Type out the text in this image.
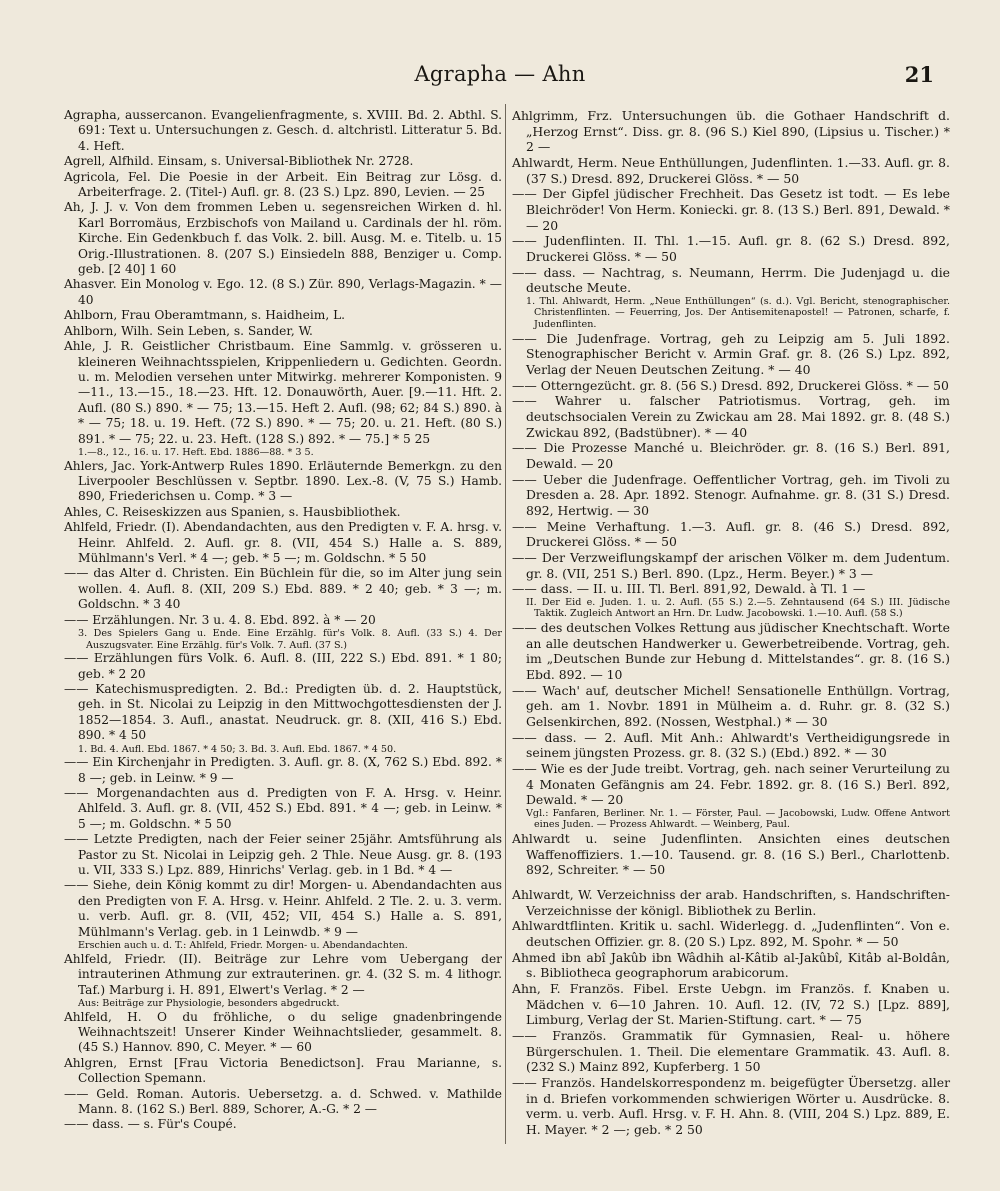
Agrapha — Ahn	21

Agrapha, aussercanon. Evangelienfragmente, s. XVIII. Bd. 2. Abthl. S. 691: Text u. Untersuchungen z. Gesch. d. altchristl. Litteratur 5. Bd. 4. Heft.

Agrell, Alfhild. Einsam, s. Universal-Bibliothek Nr. 2728.

Agricola, Fel. Die Poesie in der Arbeit. Ein Beitrag zur Lösg. d. Arbeiterfrage. 2. (Titel-) Aufl. gr. 8. (23 S.) Lpz. 890, Levien. — 25

Ah, J. J. v. Von dem frommen Leben u. segensreichen Wirken d. hl. Karl Borromäus, Erzbischofs von Mailand u. Cardinals der hl. röm. Kirche. Ein Gedenkbuch f. das Volk. 2. bill. Ausg. M. e. Titelb. u. 15 Orig.-Illustrationen. 8. (207 S.) Einsiedeln 888, Benziger u. Comp. geb. [2 40] 1 60

Ahasver. Ein Monolog v. Ego. 12. (8 S.) Zür. 890, Verlags-Magazin. * — 40

Ahlborn, Frau Oberamtmann, s. Haidheim, L.

Ahlborn, Wilh. Sein Leben, s. Sander, W.

Ahle, J. R. Geistlicher Christbaum. Eine Sammlg. v. grösseren u. kleineren Weihnachtsspielen, Krippenliedern u. Gedichten. Geordn. u. m. Melodien versehen unter Mitwirkg. mehrerer Komponisten. 9—11., 13.—15., 18.—23. Hft. 12. Donauwörth, Auer. [9.—11. Hft. 2. Aufl. (80 S.) 890. * — 75; 13.—15. Heft 2. Aufl. (98; 62; 84 S.) 890. à * — 75; 18. u. 19. Heft. (72 S.) 890. * — 75; 20. u. 21. Heft. (80 S.) 891. * — 75; 22. u. 23. Heft. (128 S.) 892. * — 75.] * 5 25

1.—8., 12., 16. u. 17. Heft. Ebd. 1886—88. * 3 5.

Ahlers, Jac. York-Antwerp Rules 1890. Erläuternde Bemerkgn. zu den Liverpooler Beschlüssen v. Septbr. 1890. Lex.-8. (V, 75 S.) Hamb. 890, Friederichsen u. Comp. * 3 —

Ahles, C. Reiseskizzen aus Spanien, s. Hausbibliothek.

Ahlfeld, Friedr. (I). Abendandachten, aus den Predigten v. F. A. hrsg. v. Heinr. Ahlfeld. 2. Aufl. gr. 8. (VII, 454 S.) Halle a. S. 889, Mühlmann's Verl. * 4 —; geb. * 5 —; m. Goldschn. * 5 50

—— das Alter d. Christen. Ein Büchlein für die, so im Alter jung sein wollen. 4. Aufl. 8. (XII, 209 S.) Ebd. 889. * 2 40; geb. * 3 —; m. Goldschn. * 3 40

—— Erzählungen. Nr. 3 u. 4. 8. Ebd. 892. à * — 20

3. Des Spielers Gang u. Ende. Eine Erzählg. für's Volk. 8. Aufl. (33 S.) 4. Der Auszugsvater. Eine Erzählg. für's Volk. 7. Aufl. (37 S.)

—— Erzählungen fürs Volk. 6. Aufl. 8. (III, 222 S.) Ebd. 891. * 1 80; geb. * 2 20

—— Katechismuspredigten. 2. Bd.: Predigten üb. d. 2. Hauptstück, geh. in St. Nicolai zu Leipzig in den Mittwochgottesdiensten der J. 1852—1854. 3. Aufl., anastat. Neudruck. gr. 8. (XII, 416 S.) Ebd. 890. * 4 50

1. Bd. 4. Aufl. Ebd. 1867. * 4 50; 3. Bd. 3. Aufl. Ebd. 1867. * 4 50.

—— Ein Kirchenjahr in Predigten. 3. Aufl. gr. 8. (X, 762 S.) Ebd. 892. * 8 —; geb. in Leinw. * 9 —

—— Morgenandachten aus d. Predigten von F. A. Hrsg. v. Heinr. Ahlfeld. 3. Aufl. gr. 8. (VII, 452 S.) Ebd. 891. * 4 —; geb. in Leinw. * 5 —; m. Goldschn. * 5 50

—— Letzte Predigten, nach der Feier seiner 25jähr. Amtsführung als Pastor zu St. Nicolai in Leipzig geh. 2 Thle. Neue Ausg. gr. 8. (193 u. VII, 333 S.) Lpz. 889, Hinrichs' Verlag. geb. in 1 Bd. * 4 —

—— Siehe, dein König kommt zu dir! Morgen- u. Abendandachten aus den Predigten von F. A. Hrsg. v. Heinr. Ahlfeld. 2 Tle. 2. u. 3. verm. u. verb. Aufl. gr. 8. (VII, 452; VII, 454 S.) Halle a. S. 891, Mühlmann's Verlag. geb. in 1 Leinwdb. * 9 —

Erschien auch u. d. T.: Ahlfeld, Friedr. Morgen- u. Abendandachten.

Ahlfeld, Friedr. (II). Beiträge zur Lehre vom Uebergang der intrauterinen Athmung zur extrauterinen. gr. 4. (32 S. m. 4 lithogr. Taf.) Marburg i. H. 891, Elwert's Verlag. * 2 —

Aus: Beiträge zur Physiologie, besonders abgedruckt.

Ahlfeld, H. O du fröhliche, o du selige gnadenbringende Weihnachtszeit! Unserer Kinder Weihnachtslieder, gesammelt. 8. (45 S.) Hannov. 890, C. Meyer. * — 60

Ahlgren, Ernst [Frau Victoria Benedictson]. Frau Marianne, s. Collection Spemann.

—— Geld. Roman. Autoris. Uebersetzg. a. d. Schwed. v. Mathilde Mann. 8. (162 S.) Berl. 889, Schorer, A.-G. * 2 —

—— dass. — s. Für's Coupé.

Ahlgrimm, Frz. Untersuchungen üb. die Gothaer Handschrift d. „Herzog Ernst“. Diss. gr. 8. (96 S.) Kiel 890, (Lipsius u. Tischer.) * 2 —

Ahlwardt, Herm. Neue Enthüllungen, Judenflinten. 1.—33. Aufl. gr. 8. (37 S.) Dresd. 892, Druckerei Glöss. * — 50

—— Der Gipfel jüdischer Frechheit. Das Gesetz ist todt. — Es lebe Bleichröder! Von Herm. Koniecki. gr. 8. (13 S.) Berl. 891, Dewald. * — 20

—— Judenflinten. II. Thl. 1.—15. Aufl. gr. 8. (62 S.) Dresd. 892, Druckerei Glöss. * — 50

—— dass. — Nachtrag, s. Neumann, Herrm. Die Judenjagd u. die deutsche Meute.

1. Thl. Ahlwardt, Herm. „Neue Enthüllungen“ (s. d.). Vgl. Bericht, stenographischer. Christenflinten. — Feuerring, Jos. Der Antisemitenapostel! — Patronen, scharfe, f. Judenflinten.

—— Die Judenfrage. Vortrag, geh zu Leipzig am 5. Juli 1892. Stenographischer Bericht v. Armin Graf. gr. 8. (26 S.) Lpz. 892, Verlag der Neuen Deutschen Zeitung. * — 40

—— Otterngezücht. gr. 8. (56 S.) Dresd. 892, Druckerei Glöss. * — 50

—— Wahrer u. falscher Patriotismus. Vortrag, geh. im deutschsocialen Verein zu Zwickau am 28. Mai 1892. gr. 8. (48 S.) Zwickau 892, (Badstübner). * — 40

—— Die Prozesse Manché u. Bleichröder. gr. 8. (16 S.) Berl. 891, Dewald. — 20

—— Ueber die Judenfrage. Oeffentlicher Vortrag, geh. im Tivoli zu Dresden a. 28. Apr. 1892. Stenogr. Aufnahme. gr. 8. (31 S.) Dresd. 892, Hertwig. — 30

—— Meine Verhaftung. 1.—3. Aufl. gr. 8. (46 S.) Dresd. 892, Druckerei Glöss. * — 50

—— Der Verzweiflungskampf der arischen Völker m. dem Judentum. gr. 8. (VII, 251 S.) Berl. 890. (Lpz., Herm. Beyer.) * 3 —

—— dass. — II. u. III. Tl. Berl. 891,92, Dewald. à Tl. 1 —

II. Der Eid e. Juden. 1. u. 2. Aufl. (55 S.) 2.—5. Zehntausend (64 S.) III. Jüdische Taktik. Zugleich Antwort an Hrn. Dr. Ludw. Jacobowski. 1.—10. Aufl. (58 S.)

—— des deutschen Volkes Rettung aus jüdischer Knechtschaft. Worte an alle deutschen Handwerker u. Gewerbetreibende. Vortrag, geh. im „Deutschen Bunde zur Hebung d. Mittelstandes“. gr. 8. (16 S.) Ebd. 892. — 10

—— Wach' auf, deutscher Michel! Sensationelle Enthüllgn. Vortrag, geh. am 1. Novbr. 1891 in Mülheim a. d. Ruhr. gr. 8. (32 S.) Gelsenkirchen, 892. (Nossen, Westphal.) * — 30

—— dass. — 2. Aufl. Mit Anh.: Ahlwardt's Vertheidigungsrede in seinem jüngsten Prozess. gr. 8. (32 S.) (Ebd.) 892. * — 30

—— Wie es der Jude treibt. Vortrag, geh. nach seiner Verurteilung zu 4 Monaten Gefängnis am 24. Febr. 1892. gr. 8. (16 S.) Berl. 892, Dewald. * — 20

Vgl.: Fanfaren, Berliner. Nr. 1. — Förster, Paul. — Jacobowski, Ludw. Offene Antwort eines Juden. — Prozess Ahlwardt. — Weinberg, Paul.

Ahlwardt u. seine Judenflinten. Ansichten eines deutschen Waffenoffiziers. 1.—10. Tausend. gr. 8. (16 S.) Berl., Charlottenb. 892, Schreiter. * — 50

Ahlwardt, W. Verzeichniss der arab. Handschriften, s. Handschriften-Verzeichnisse der königl. Bibliothek zu Berlin.

Ahlwardtflinten. Kritik u. sachl. Widerlegg. d. „Judenflinten“. Von e. deutschen Offizier. gr. 8. (20 S.) Lpz. 892, M. Spohr. * — 50

Ahmed ibn abî Jakûb ibn Wâdhih al-Kâtib al-Jakûbî, Kitâb al-Boldân, s. Bibliotheca geographorum arabicorum.

Ahn, F. Französ. Fibel. Erste Uebgn. im Französ. f. Knaben u. Mädchen v. 6—10 Jahren. 10. Aufl. 12. (IV, 72 S.) [Lpz. 889], Limburg, Verlag der St. Marien-Stiftung. cart. * — 75

—— Französ. Grammatik für Gymnasien, Real- u. höhere Bürgerschulen. 1. Theil. Die elementare Grammatik. 43. Aufl. 8. (232 S.) Mainz 892, Kupferberg. 1 50

—— Französ. Handelskorrespondenz m. beigefügter Übersetzg. aller in d. Briefen vorkommenden schwierigen Wörter u. Ausdrücke. 8. verm. u. verb. Aufl. Hrsg. v. F. H. Ahn. 8. (VIII, 204 S.) Lpz. 889, E. H. Mayer. * 2 —; geb. * 2 50
